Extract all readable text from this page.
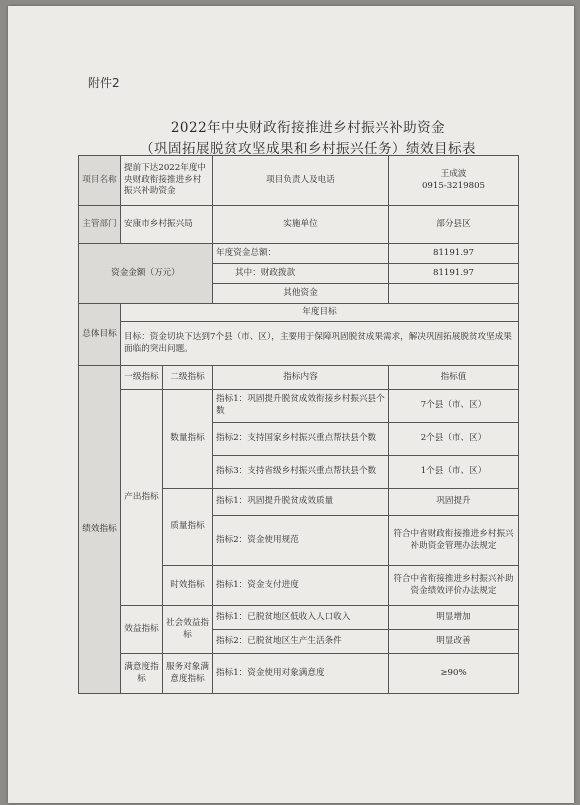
附件2
2022年中央财政衔接推进乡村振兴补助资金
（巩固拓展脱贫攻坚成果和乡村振兴任务）绩效目标表
项目名称	提前下达2022年度中央财政衔接推进乡村振兴补助资金		项目负责人及电话	王成波
0915-3219805

主管部门	安康市乡村振兴局		实施单位	部分县区
资金金额（万元）			年度资金总额：	81191.97
			其中：财政拨款	81191.97
			其他资金	
总体目标	年度目标			
	目标：资金切块下达到7个县（市、区），主要用于保障巩固脱贫成果需求，解决巩固拓展脱贫攻坚成果面临的突出问题。			
绩效指标	一级指标	二级指标	指标内容	指标值
	产出指标	数量指标	指标1：巩固提升脱贫成效衔接乡村振兴县个数	7个县（市、区）
			指标2：支持国家乡村振兴重点帮扶县个数	2个县（市、区）
			指标3：支持省级乡村振兴重点帮扶县个数	1个县（市、区）
		质量指标	指标1：巩固提升脱贫成效质量	巩固提升
			指标2：资金使用规范	符合中省财政衔接推进乡村振兴补助资金管理办法规定
		时效指标	指标1：资金支付进度	符合中省衔接推进乡村振兴补助资金绩效评价办法规定
	效益指标	社会效益指标	指标1：已脱贫地区低收入人口收入	明显增加
			指标2：已脱贫地区生产生活条件	明显改善
	满意度指标	服务对象满意度指标	指标1：资金使用对象满意度	≥90%
